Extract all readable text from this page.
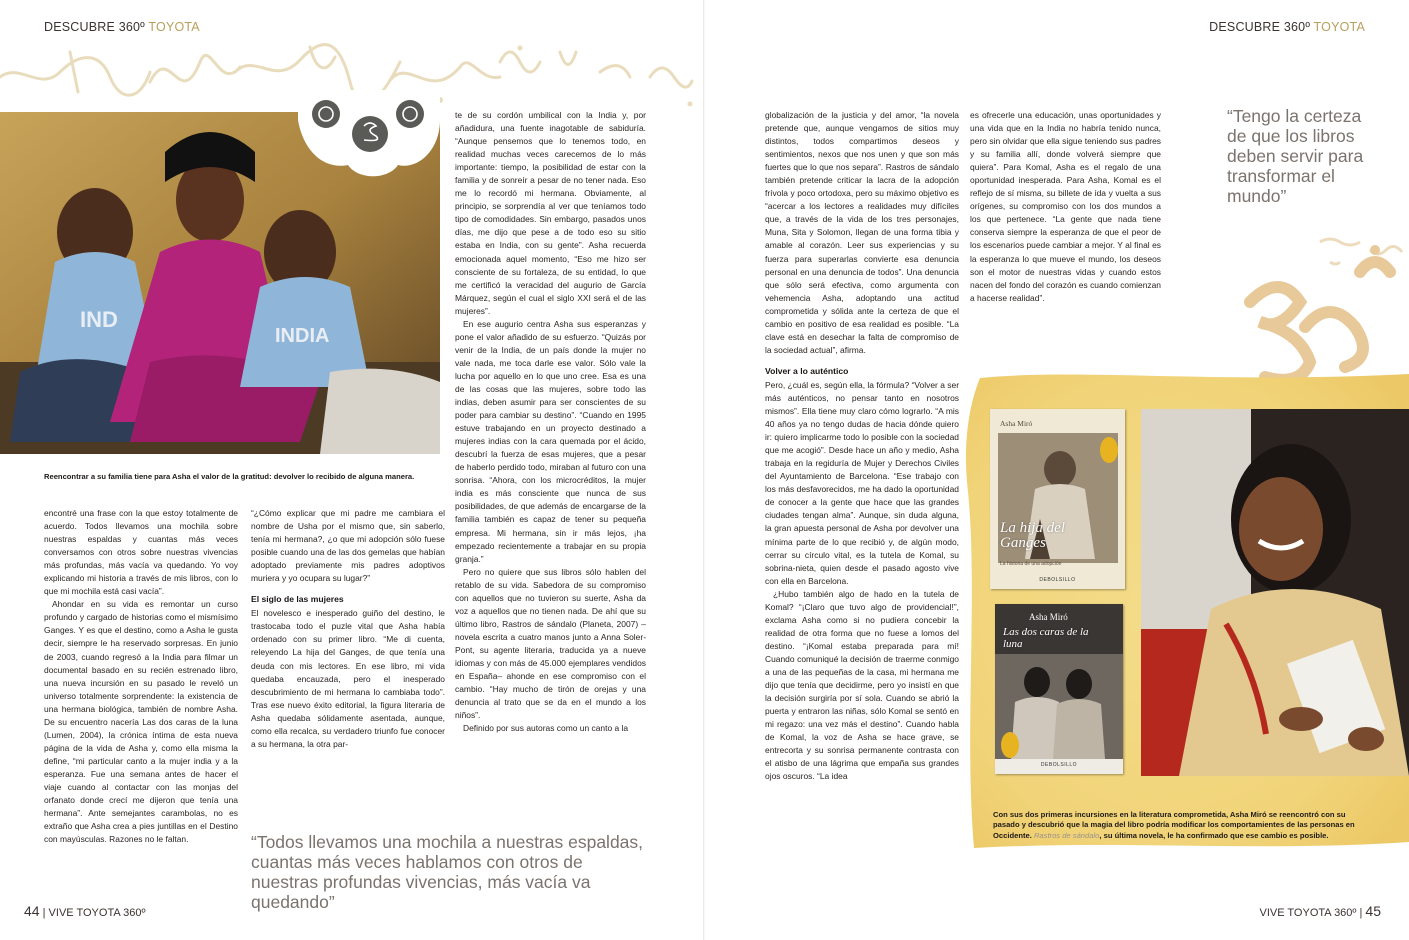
DESCUBRE 360º TOYOTA	DESCUBRE 360º TOYOTA
IND
INDIA

Reencontrar a su familia tiene para Asha el valor de la gratitud: devolver lo recibido de alguna manera.

encontré una frase con la que estoy totalmente de acuerdo. Todos llevamos una mochila sobre nuestras espaldas y cuantas más veces conversamos con otros sobre nuestras vivencias más profundas, más vacía va quedando. Yo voy explicando mi historia a través de mis libros, con lo que mi mochila está casi vacía”.

Ahondar en su vida es remontar un curso profundo y cargado de historias como el mismísimo Ganges. Y es que el destino, como a Asha le gusta decir, siempre le ha reservado sorpresas. En junio de 2003, cuando regresó a la India para filmar un documental basado en su recién estrenado libro, una nueva incursión en su pasado le reveló un universo totalmente sorprendente: la existencia de una hermana biológica, también de nombre Asha. De su encuentro nacería Las dos caras de la luna (Lumen, 2004), la crónica íntima de esta nueva página de la vida de Asha y, como ella misma la define, “mi particular canto a la mujer india y a la esperanza. Fue una semana antes de hacer el viaje cuando al contactar con las monjas del orfanato donde crecí me dijeron que tenía una hermana”. Ante semejantes carambolas, no es extraño que Asha crea a pies juntillas en el Destino con mayúsculas. Razones no le faltan.

“¿Cómo explicar que mi padre me cambiara el nombre de Usha por el mismo que, sin saberlo, tenía mi hermana?, ¿o que mi adopción sólo fuese posible cuando una de las dos gemelas que habían adoptado previamente mis padres adoptivos muriera y yo ocupara su lugar?”

El siglo de las mujeres

El novelesco e inesperado guiño del destino, le trastocaba todo el puzle vital que Asha había ordenado con su primer libro. “Me di cuenta, releyendo La hija del Ganges, de que tenía una deuda con mis lectores. En ese libro, mi vida quedaba encauzada, pero el inesperado descubrimiento de mi hermana lo cambiaba todo”. Tras ese nuevo éxito editorial, la figura literaria de Asha quedaba sólidamente asentada, aunque, como ella recalca, su verdadero triunfo fue conocer a su hermana, la otra par-

te de su cordón umbilical con la India y, por añadidura, una fuente inagotable de sabiduría. “Aunque pensemos que lo tenemos todo, en realidad muchas veces carecemos de lo más importante: tiempo, la posibilidad de estar con la familia y de sonreír a pesar de no tener nada. Eso me lo recordó mi hermana. Obviamente, al principio, se sorprendía al ver que teníamos todo tipo de comodidades. Sin embargo, pasados unos días, me dijo que pese a de todo eso su sitio estaba en India, con su gente”. Asha recuerda emocionada aquel momento, “Eso me hizo ser consciente de su fortaleza, de su entidad, lo que me certificó la veracidad del augurio de García Márquez, según el cual el siglo XXI será el de las mujeres”.

En ese augurio centra Asha sus esperanzas y pone el valor añadido de su esfuerzo. “Quizás por venir de la India, de un país donde la mujer no vale nada, me toca darle ese valor. Sólo vale la lucha por aquello en lo que uno cree. Esa es una de las cosas que las mujeres, sobre todo las indias, deben asumir para ser conscientes de su poder para cambiar su destino”. “Cuando en 1995 estuve trabajando en un proyecto destinado a mujeres indias con la cara quemada por el ácido, descubrí la fuerza de esas mujeres, que a pesar de haberlo perdido todo, miraban al futuro con una sonrisa. “Ahora, con los microcréditos, la mujer india es más consciente que nunca de sus posibilidades, de que además de encargarse de la familia también es capaz de tener su pequeña empresa. Mi hermana, sin ir más lejos, ¡ha empezado recientemente a trabajar en su propia granja.”

Pero no quiere que sus libros sólo hablen del retablo de su vida. Sabedora de su compromiso con aquellos que no tuvieron su suerte, Asha da voz a aquellos que no tienen nada. De ahí que su último libro, Rastros de sándalo (Planeta, 2007) –novela escrita a cuatro manos junto a Anna Soler-Pont, su agente literaria, traducida ya a nueve idiomas y con más de 45.000 ejemplares vendidos en España– ahonde en ese compromiso con el cambio. “Hay mucho de tirón de orejas y una denuncia al trato que se da en el mundo a los niños”.

Definido por sus autoras como un canto a la

“Todos llevamos una mochila a nuestras espaldas, cuantas más veces hablamos con otros de nuestras profundas vivencias, más vacía va quedando”

globalización de la justicia y del amor, “la novela pretende que, aunque vengamos de sitios muy distintos, todos compartimos deseos y sentimientos, nexos que nos unen y que son más fuertes que lo que nos separa”. Rastros de sándalo también pretende criticar la lacra de la adopción frívola y poco ortodoxa, pero su máximo objetivo es “acercar a los lectores a realidades muy difíciles que, a través de la vida de los tres personajes, Muna, Sita y Solomon, llegan de una forma tibia y amable al corazón. Leer sus experiencias y su fuerza para superarlas convierte esa denuncia personal en una denuncia de todos”. Una denuncia que sólo será efectiva, como argumenta con vehemencia Asha, adoptando una actitud comprometida y sólida ante la certeza de que el cambio en positivo de esa realidad es posible. “La clave está en desechar la falta de compromiso de la sociedad actual”, afirma.

Volver a lo auténtico

Pero, ¿cuál es, según ella, la fórmula? “Volver a ser más auténticos, no pensar tanto en nosotros mismos”. Ella tiene muy claro cómo lograrlo. “A mis 40 años ya no tengo dudas de hacia dónde quiero ir: quiero implicarme todo lo posible con la sociedad que me acogió”. Desde hace un año y medio, Asha trabaja en la regiduría de Mujer y Derechos Civiles del Ayuntamiento de Barcelona. “Ese trabajo con los más desfavorecidos, me ha dado la oportunidad de conocer a la gente que hace que las grandes ciudades tengan alma”. Aunque, sin duda alguna, la gran apuesta personal de Asha por devolver una mínima parte de lo que recibió y, de algún modo, cerrar su círculo vital, es la tutela de Komal, su sobrina-nieta, quien desde el pasado agosto vive con ella en Barcelona.

¿Hubo también algo de hado en la tutela de Komal? “¡Claro que tuvo algo de providencial!”, exclama Asha como si no pudiera concebir la realidad de otra forma que no fuese a lomos del destino. “¡Komal estaba preparada para mí! Cuando comuniqué la decisión de traerme conmigo a una de las pequeñas de la casa, mi hermana me dijo que tenía que decidirme, pero yo insistí en que la decisión surgiría por sí sola. Cuando se abrió la puerta y entraron las niñas, sólo Komal se sentó en mi regazo: una vez más el destino”. Cuando habla de Komal, la voz de Asha se hace grave, se entrecorta y su sonrisa permanente contrasta con el atisbo de una lágrima que empaña sus grandes ojos oscuros. “La idea

es ofrecerle una educación, unas oportunidades y una vida que en la India no habría tenido nunca, pero sin olvidar que ella sigue teniendo sus padres y su familia allí, donde volverá siempre que quiera”. Para Komal, Asha es el regalo de una oportunidad inesperada. Para Asha, Komal es el reflejo de sí misma, su billete de ida y vuelta a sus orígenes, su compromiso con los dos mundos a los que pertenece. “La gente que nada tiene conserva siempre la esperanza de que el peor de los escenarios puede cambiar a mejor. Y al final es la esperanza lo que mueve el mundo, los deseos son el motor de nuestras vidas y cuando estos nacen del fondo del corazón es cuando comienzan a hacerse realidad”.

“Tengo la certeza de que los libros deben servir para transformar el mundo”

Asha Miró
La hija del Ganges
La historia de una adopción
DEBOLSILLO
Asha Miró
Las dos caras de la luna
DEBOLSILLO

Con sus dos primeras incursiones en la literatura comprometida, Asha Miró se reencontró con su pasado y descubrió que la magia del libro podría modificar los comportamientes de las personas en Occidente. Rastros de sándalo, su última novela, le ha confirmado que ese cambio es posible.

44 | VIVE TOYOTA 360º	VIVE TOYOTA 360º | 45
